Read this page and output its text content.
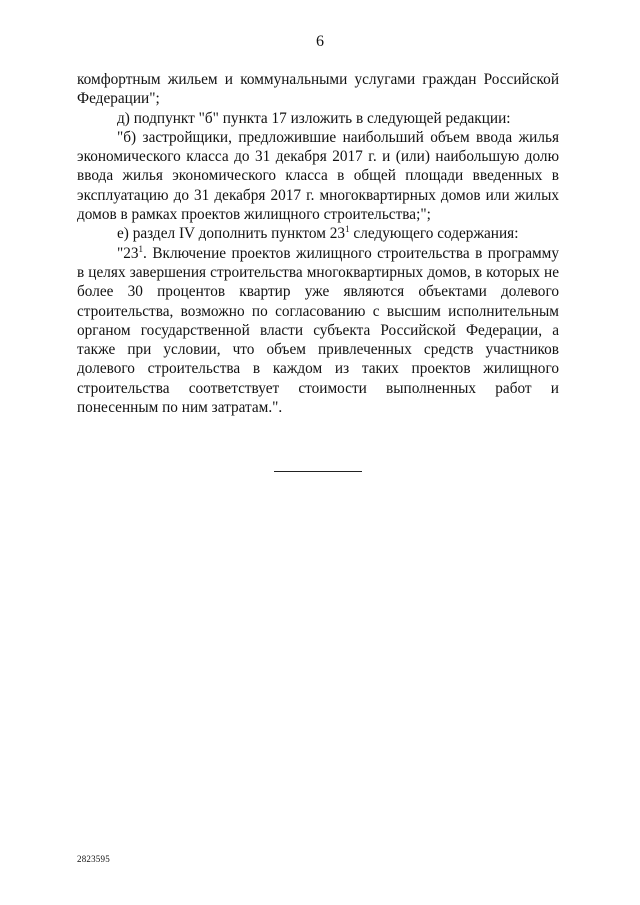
6

комфортным жильем и коммунальными услугами граждан Российской Федерации";

д) подпункт "б" пункта 17 изложить в следующей редакции:

"б) застройщики, предложившие наибольший объем ввода жилья экономического класса до 31 декабря 2017 г. и (или) наибольшую долю ввода жилья экономического класса в общей площади введенных в эксплуатацию до 31 декабря 2017 г. многоквартирных домов или жилых домов в рамках проектов жилищного строительства;";

е) раздел IV дополнить пунктом $23^1$ следующего содержания:

"$23^1$. Включение проектов жилищного строительства в программу в целях завершения строительства многоквартирных домов, в которых не более 30 процентов квартир уже являются объектами долевого строительства, возможно по согласованию с высшим исполнительным органом государственной власти субъекта Российской Федерации, а также при условии, что объем привлеченных средств участников долевого строительства в каждом из таких проектов жилищного строительства соответствует стоимости выполненных работ и понесенным по ним затратам.".

2823595
